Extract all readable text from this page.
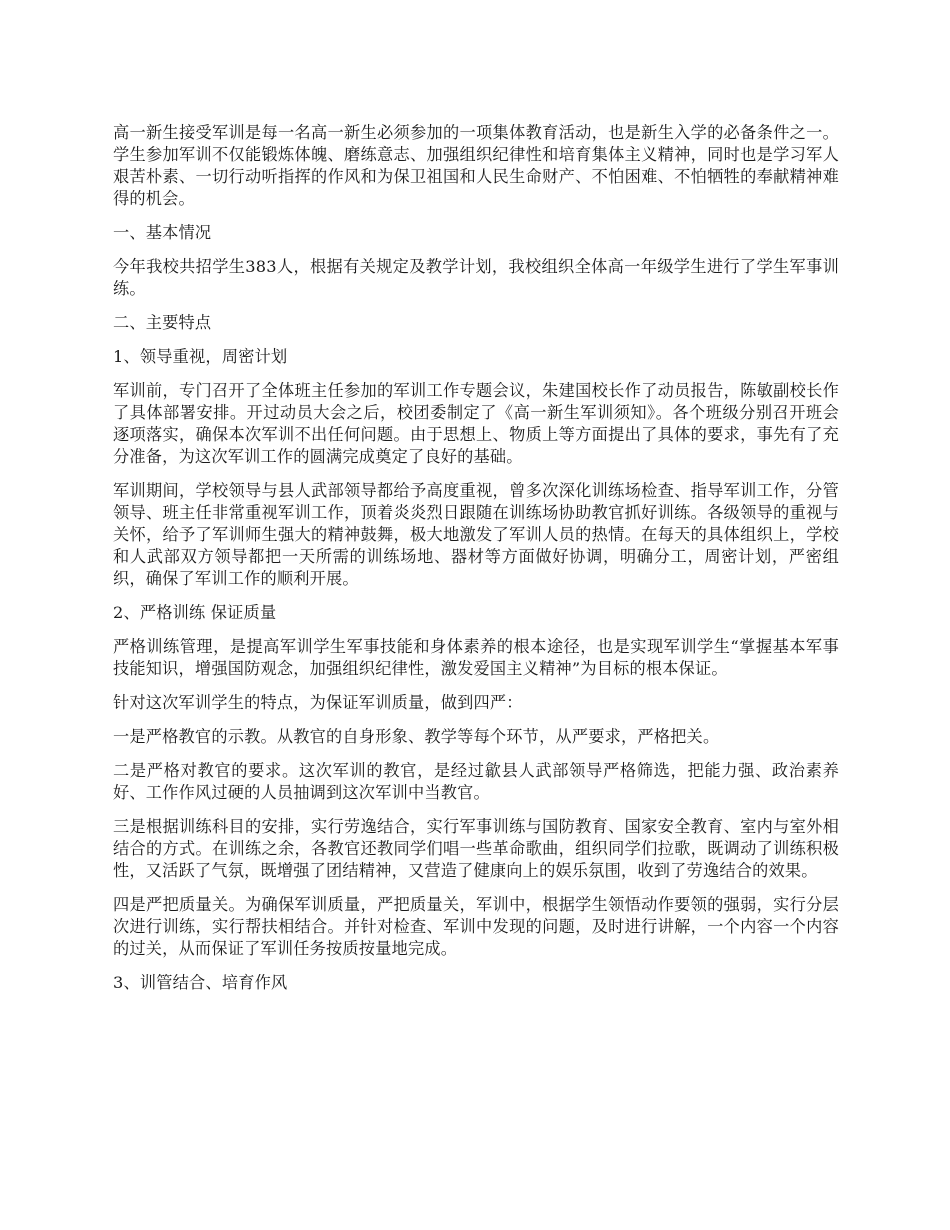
高一新生接受军训是每一名高一新生必须参加的一项集体教育活动，也是新生入学的必备条件之一。学生参加军训不仅能锻炼体魄、磨练意志、加强组织纪律性和培育集体主义精神，同时也是学习军人艰苦朴素、一切行动听指挥的作风和为保卫祖国和人民生命财产、不怕困难、不怕牺牲的奉献精神难得的机会。

一、基本情况

今年我校共招学生383人，根据有关规定及教学计划，我校组织全体高一年级学生进行了学生军事训练。

二、主要特点

1、领导重视，周密计划

军训前，专门召开了全体班主任参加的军训工作专题会议，朱建国校长作了动员报告，陈敏副校长作了具体部署安排。开过动员大会之后，校团委制定了《高一新生军训须知》。各个班级分别召开班会逐项落实，确保本次军训不出任何问题。由于思想上、物质上等方面提出了具体的要求，事先有了充分准备，为这次军训工作的圆满完成奠定了良好的基础。

军训期间，学校领导与县人武部领导都给予高度重视，曾多次深化训练场检查、指导军训工作，分管领导、班主任非常重视军训工作，顶着炎炎烈日跟随在训练场协助教官抓好训练。各级领导的重视与关怀，给予了军训师生强大的精神鼓舞，极大地激发了军训人员的热情。在每天的具体组织上，学校和人武部双方领导都把一天所需的训练场地、器材等方面做好协调，明确分工，周密计划，严密组织，确保了军训工作的顺利开展。

2、严格训练 保证质量

严格训练管理，是提高军训学生军事技能和身体素养的根本途径，也是实现军训学生“掌握基本军事技能知识，增强国防观念，加强组织纪律性，激发爱国主义精神”为目标的根本保证。

针对这次军训学生的特点，为保证军训质量，做到四严：

一是严格教官的示教。从教官的自身形象、教学等每个环节，从严要求，严格把关。

二是严格对教官的要求。这次军训的教官，是经过歙县人武部领导严格筛选，把能力强、政治素养好、工作作风过硬的人员抽调到这次军训中当教官。

三是根据训练科目的安排，实行劳逸结合，实行军事训练与国防教育、国家安全教育、室内与室外相结合的方式。在训练之余，各教官还教同学们唱一些革命歌曲，组织同学们拉歌，既调动了训练积极性，又活跃了气氛，既增强了团结精神，又营造了健康向上的娱乐氛围，收到了劳逸结合的效果。

四是严把质量关。为确保军训质量，严把质量关，军训中，根据学生领悟动作要领的强弱，实行分层次进行训练，实行帮扶相结合。并针对检查、军训中发现的问题，及时进行讲解，一个内容一个内容的过关，从而保证了军训任务按质按量地完成。

3、训管结合、培育作风
